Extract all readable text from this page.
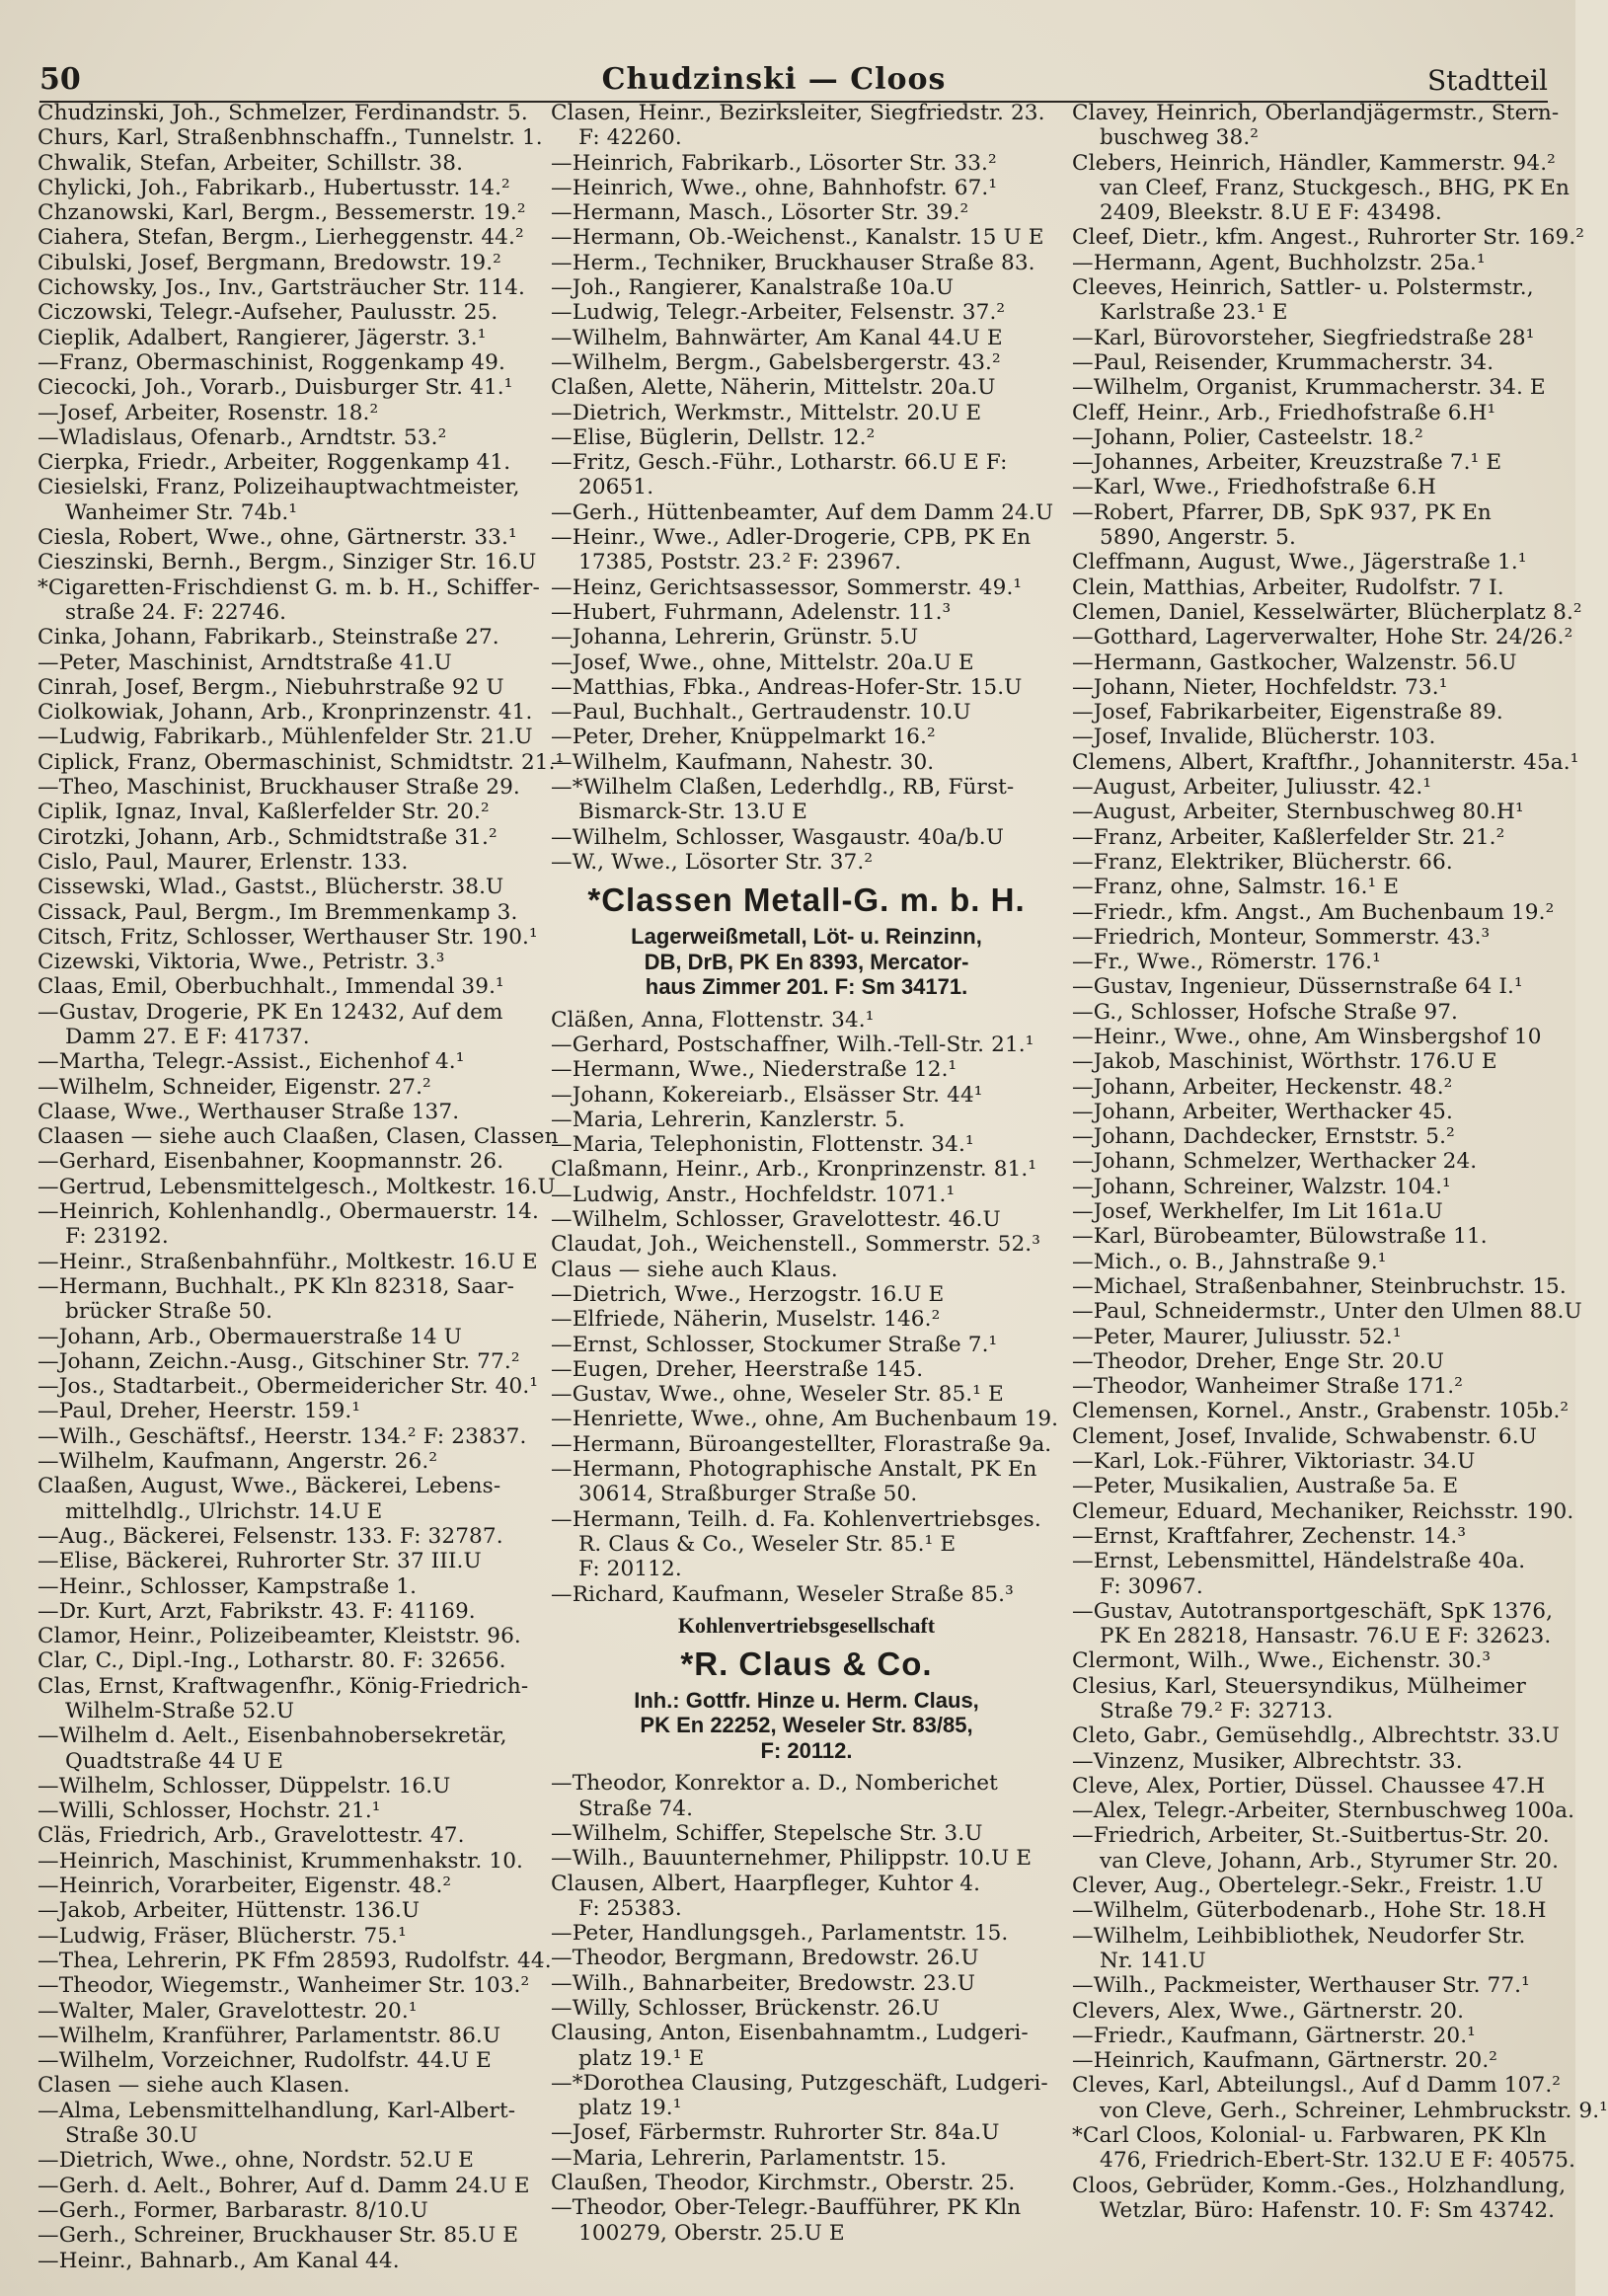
50	Chudzinski — Cloos	Stadtteil
Chudzinski, Joh., Schmelzer, Ferdinandstr. 5.
Churs, Karl, Straßenbhnschaffn., Tunnelstr. 1.
Chwalik, Stefan, Arbeiter, Schillstr. 38.
Chylicki, Joh., Fabrikarb., Hubertusstr. 14.²
Chzanowski, Karl, Bergm., Bessemerstr. 19.²
Ciahera, Stefan, Bergm., Lierheggenstr. 44.²
Cibulski, Josef, Bergmann, Bredowstr. 19.²
Cichowsky, Jos., Inv., Gartsträucher Str. 114.
Ciczowski, Telegr.-Aufseher, Paulusstr. 25.
Cieplik, Adalbert, Rangierer, Jägerstr. 3.¹
—Franz, Obermaschinist, Roggenkamp 49.
Ciecocki, Joh., Vorarb., Duisburger Str. 41.¹
—Josef, Arbeiter, Rosenstr. 18.²
—Wladislaus, Ofenarb., Arndtstr. 53.²
Cierpka, Friedr., Arbeiter, Roggenkamp 41.
Ciesielski, Franz, Polizeihauptwachtmeister,
Wanheimer Str. 74b.¹
Ciesla, Robert, Wwe., ohne, Gärtnerstr. 33.¹
Cieszinski, Bernh., Bergm., Sinziger Str. 16.U
*Cigaretten-Frischdienst G. m. b. H., Schiffer-
straße 24. F: 22746.
Cinka, Johann, Fabrikarb., Steinstraße 27.
—Peter, Maschinist, Arndtstraße 41.U
Cinrah, Josef, Bergm., Niebuhrstraße 92 U
Ciolkowiak, Johann, Arb., Kronprinzenstr. 41.
—Ludwig, Fabrikarb., Mühlenfelder Str. 21.U
Ciplick, Franz, Obermaschinist, Schmidtstr. 21.¹
—Theo, Maschinist, Bruckhauser Straße 29.
Ciplik, Ignaz, Inval, Kaßlerfelder Str. 20.²
Cirotzki, Johann, Arb., Schmidtstraße 31.²
Cislo, Paul, Maurer, Erlenstr. 133.
Cissewski, Wlad., Gastst., Blücherstr. 38.U
Cissack, Paul, Bergm., Im Bremmenkamp 3.
Citsch, Fritz, Schlosser, Werthauser Str. 190.¹
Cizewski, Viktoria, Wwe., Petristr. 3.³
Claas, Emil, Oberbuchhalt., Immendal 39.¹
—Gustav, Drogerie, PK En 12432, Auf dem
Damm 27. E F: 41737.
—Martha, Telegr.-Assist., Eichenhof 4.¹
—Wilhelm, Schneider, Eigenstr. 27.²
Claase, Wwe., Werthauser Straße 137.
Claasen — siehe auch Claaßen, Clasen, Classen
—Gerhard, Eisenbahner, Koopmannstr. 26.
—Gertrud, Lebensmittelgesch., Moltkestr. 16.U
—Heinrich, Kohlenhandlg., Obermauerstr. 14.
F: 23192.
—Heinr., Straßenbahnführ., Moltkestr. 16.U E
—Hermann, Buchhalt., PK Kln 82318, Saar-
brücker Straße 50.
—Johann, Arb., Obermauerstraße 14 U
—Johann, Zeichn.-Ausg., Gitschiner Str. 77.²
—Jos., Stadtarbeit., Obermeidericher Str. 40.¹
—Paul, Dreher, Heerstr. 159.¹
—Wilh., Geschäftsf., Heerstr. 134.² F: 23837.
—Wilhelm, Kaufmann, Angerstr. 26.²
Claaßen, August, Wwe., Bäckerei, Lebens-
mittelhdlg., Ulrichstr. 14.U E
—Aug., Bäckerei, Felsenstr. 133. F: 32787.
—Elise, Bäckerei, Ruhrorter Str. 37 III.U
—Heinr., Schlosser, Kampstraße 1.
—Dr. Kurt, Arzt, Fabrikstr. 43. F: 41169.
Clamor, Heinr., Polizeibeamter, Kleiststr. 96.
Clar, C., Dipl.-Ing., Lotharstr. 80. F: 32656.
Clas, Ernst, Kraftwagenfhr., König-Friedrich-
Wilhelm-Straße 52.U
—Wilhelm d. Aelt., Eisenbahnobersekretär,
Quadtstraße 44 U E
—Wilhelm, Schlosser, Düppelstr. 16.U
—Willi, Schlosser, Hochstr. 21.¹
Cläs, Friedrich, Arb., Gravelottestr. 47.
—Heinrich, Maschinist, Krummenhakstr. 10.
—Heinrich, Vorarbeiter, Eigenstr. 48.²
—Jakob, Arbeiter, Hüttenstr. 136.U
—Ludwig, Fräser, Blücherstr. 75.¹
—Thea, Lehrerin, PK Ffm 28593, Rudolfstr. 44.
—Theodor, Wiegemstr., Wanheimer Str. 103.²
—Walter, Maler, Gravelottestr. 20.¹
—Wilhelm, Kranführer, Parlamentstr. 86.U
—Wilhelm, Vorzeichner, Rudolfstr. 44.U E
Clasen — siehe auch Klasen.
—Alma, Lebensmittelhandlung, Karl-Albert-
Straße 30.U
—Dietrich, Wwe., ohne, Nordstr. 52.U E
—Gerh. d. Aelt., Bohrer, Auf d. Damm 24.U E
—Gerh., Former, Barbarastr. 8/10.U
—Gerh., Schreiner, Bruckhauser Str. 85.U E
—Heinr., Bahnarb., Am Kanal 44.
Clasen, Heinr., Bezirksleiter, Siegfriedstr. 23.
F: 42260.
—Heinrich, Fabrikarb., Lösorter Str. 33.²
—Heinrich, Wwe., ohne, Bahnhofstr. 67.¹
—Hermann, Masch., Lösorter Str. 39.²
—Hermann, Ob.-Weichenst., Kanalstr. 15 U E
—Herm., Techniker, Bruckhauser Straße 83.
—Joh., Rangierer, Kanalstraße 10a.U
—Ludwig, Telegr.-Arbeiter, Felsenstr. 37.²
—Wilhelm, Bahnwärter, Am Kanal 44.U E
—Wilhelm, Bergm., Gabelsbergerstr. 43.²
Claßen, Alette, Näherin, Mittelstr. 20a.U
—Dietrich, Werkmstr., Mittelstr. 20.U E
—Elise, Büglerin, Dellstr. 12.²
—Fritz, Gesch.-Führ., Lotharstr. 66.U E F:
20651.
—Gerh., Hüttenbeamter, Auf dem Damm 24.U
—Heinr., Wwe., Adler-Drogerie, CPB, PK En
17385, Poststr. 23.² F: 23967.
—Heinz, Gerichtsassessor, Sommerstr. 49.¹
—Hubert, Fuhrmann, Adelenstr. 11.³
—Johanna, Lehrerin, Grünstr. 5.U
—Josef, Wwe., ohne, Mittelstr. 20a.U E
—Matthias, Fbka., Andreas-Hofer-Str. 15.U
—Paul, Buchhalt., Gertraudenstr. 10.U
—Peter, Dreher, Knüppelmarkt 16.²
—Wilhelm, Kaufmann, Nahestr. 30.
—*Wilhelm Claßen, Lederhdlg., RB, Fürst-
Bismarck-Str. 13.U E
—Wilhelm, Schlosser, Wasgaustr. 40a/b.U
—W., Wwe., Lösorter Str. 37.²
*Classen Metall-G. m. b. H.
Lagerweißmetall, Löt- u. Reinzinn,
DB, DrB, PK En 8393, Mercator-
haus Zimmer 201. F: Sm 34171.
Cläßen, Anna, Flottenstr. 34.¹
—Gerhard, Postschaffner, Wilh.-Tell-Str. 21.¹
—Hermann, Wwe., Niederstraße 12.¹
—Johann, Kokereiarb., Elsässer Str. 44¹
—Maria, Lehrerin, Kanzlerstr. 5.
—Maria, Telephonistin, Flottenstr. 34.¹
Claßmann, Heinr., Arb., Kronprinzenstr. 81.¹
—Ludwig, Anstr., Hochfeldstr. 1071.¹
—Wilhelm, Schlosser, Gravelottestr. 46.U
Claudat, Joh., Weichenstell., Sommerstr. 52.³
Claus — siehe auch Klaus.
—Dietrich, Wwe., Herzogstr. 16.U E
—Elfriede, Näherin, Muselstr. 146.²
—Ernst, Schlosser, Stockumer Straße 7.¹
—Eugen, Dreher, Heerstraße 145.
—Gustav, Wwe., ohne, Weseler Str. 85.¹ E
—Henriette, Wwe., ohne, Am Buchenbaum 19.
—Hermann, Büroangestellter, Florastraße 9a.
—Hermann, Photographische Anstalt, PK En
30614, Straßburger Straße 50.
—Hermann, Teilh. d. Fa. Kohlenvertriebsges.
R. Claus & Co., Weseler Str. 85.¹ E
F: 20112.
—Richard, Kaufmann, Weseler Straße 85.³
Kohlenvertriebsgesellschaft
*R. Claus & Co.
Inh.: Gottfr. Hinze u. Herm. Claus,
PK En 22252, Weseler Str. 83/85,
F: 20112.
—Theodor, Konrektor a. D., Nomberichet
Straße 74.
—Wilhelm, Schiffer, Stepelsche Str. 3.U
—Wilh., Bauunternehmer, Philippstr. 10.U E
Clausen, Albert, Haarpfleger, Kuhtor 4.
F: 25383.
—Peter, Handlungsgeh., Parlamentstr. 15.
—Theodor, Bergmann, Bredowstr. 26.U
—Wilh., Bahnarbeiter, Bredowstr. 23.U
—Willy, Schlosser, Brückenstr. 26.U
Clausing, Anton, Eisenbahnamtm., Ludgeri-
platz 19.¹ E
—*Dorothea Clausing, Putzgeschäft, Ludgeri-
platz 19.¹
—Josef, Färbermstr. Ruhrorter Str. 84a.U
—Maria, Lehrerin, Parlamentstr. 15.
Claußen, Theodor, Kirchmstr., Oberstr. 25.
—Theodor, Ober-Telegr.-Baufführer, PK Kln
100279, Oberstr. 25.U E
Clavey, Heinrich, Oberlandjägermstr., Stern-
buschweg 38.²
Clebers, Heinrich, Händler, Kammerstr. 94.²
van Cleef, Franz, Stuckgesch., BHG, PK En
2409, Bleekstr. 8.U E F: 43498.
Cleef, Dietr., kfm. Angest., Ruhrorter Str. 169.²
—Hermann, Agent, Buchholzstr. 25a.¹
Cleeves, Heinrich, Sattler- u. Polstermstr.,
Karlstraße 23.¹ E
—Karl, Bürovorsteher, Siegfriedstraße 28¹
—Paul, Reisender, Krummacherstr. 34.
—Wilhelm, Organist, Krummacherstr. 34. E
Cleff, Heinr., Arb., Friedhofstraße 6.H¹
—Johann, Polier, Casteelstr. 18.²
—Johannes, Arbeiter, Kreuzstraße 7.¹ E
—Karl, Wwe., Friedhofstraße 6.H
—Robert, Pfarrer, DB, SpK 937, PK En
5890, Angerstr. 5.
Cleffmann, August, Wwe., Jägerstraße 1.¹
Clein, Matthias, Arbeiter, Rudolfstr. 7 I.
Clemen, Daniel, Kesselwärter, Blücherplatz 8.²
—Gotthard, Lagerverwalter, Hohe Str. 24/26.²
—Hermann, Gastkocher, Walzenstr. 56.U
—Johann, Nieter, Hochfeldstr. 73.¹
—Josef, Fabrikarbeiter, Eigenstraße 89.
—Josef, Invalide, Blücherstr. 103.
Clemens, Albert, Kraftfhr., Johanniterstr. 45a.¹
—August, Arbeiter, Juliusstr. 42.¹
—August, Arbeiter, Sternbuschweg 80.H¹
—Franz, Arbeiter, Kaßlerfelder Str. 21.²
—Franz, Elektriker, Blücherstr. 66.
—Franz, ohne, Salmstr. 16.¹ E
—Friedr., kfm. Angst., Am Buchenbaum 19.²
—Friedrich, Monteur, Sommerstr. 43.³
—Fr., Wwe., Römerstr. 176.¹
—Gustav, Ingenieur, Düssernstraße 64 I.¹
—G., Schlosser, Hofsche Straße 97.
—Heinr., Wwe., ohne, Am Winsbergshof 10
—Jakob, Maschinist, Wörthstr. 176.U E
—Johann, Arbeiter, Heckenstr. 48.²
—Johann, Arbeiter, Werthacker 45.
—Johann, Dachdecker, Ernststr. 5.²
—Johann, Schmelzer, Werthacker 24.
—Johann, Schreiner, Walzstr. 104.¹
—Josef, Werkhelfer, Im Lit 161a.U
—Karl, Bürobeamter, Bülowstraße 11.
—Mich., o. B., Jahnstraße 9.¹
—Michael, Straßenbahner, Steinbruchstr. 15.
—Paul, Schneidermstr., Unter den Ulmen 88.U
—Peter, Maurer, Juliusstr. 52.¹
—Theodor, Dreher, Enge Str. 20.U
—Theodor, Wanheimer Straße 171.²
Clemensen, Kornel., Anstr., Grabenstr. 105b.²
Clement, Josef, Invalide, Schwabenstr. 6.U
—Karl, Lok.-Führer, Viktoriastr. 34.U
—Peter, Musikalien, Austraße 5a. E
Clemeur, Eduard, Mechaniker, Reichsstr. 190.
—Ernst, Kraftfahrer, Zechenstr. 14.³
—Ernst, Lebensmittel, Händelstraße 40a.
F: 30967.
—Gustav, Autotransportgeschäft, SpK 1376,
PK En 28218, Hansastr. 76.U E F: 32623.
Clermont, Wilh., Wwe., Eichenstr. 30.³
Clesius, Karl, Steuersyndikus, Mülheimer
Straße 79.² F: 32713.
Cleto, Gabr., Gemüsehdlg., Albrechtstr. 33.U
—Vinzenz, Musiker, Albrechtstr. 33.
Cleve, Alex, Portier, Düssel. Chaussee 47.H
—Alex, Telegr.-Arbeiter, Sternbuschweg 100a.
—Friedrich, Arbeiter, St.-Suitbertus-Str. 20.
van Cleve, Johann, Arb., Styrumer Str. 20.
Clever, Aug., Obertelegr.-Sekr., Freistr. 1.U
—Wilhelm, Güterbodenarb., Hohe Str. 18.H
—Wilhelm, Leihbibliothek, Neudorfer Str.
Nr. 141.U
—Wilh., Packmeister, Werthauser Str. 77.¹
Clevers, Alex, Wwe., Gärtnerstr. 20.
—Friedr., Kaufmann, Gärtnerstr. 20.¹
—Heinrich, Kaufmann, Gärtnerstr. 20.²
Cleves, Karl, Abteilungsl., Auf d Damm 107.²
von Cleve, Gerh., Schreiner, Lehmbruckstr. 9.¹
*Carl Cloos, Kolonial- u. Farbwaren, PK Kln
476, Friedrich-Ebert-Str. 132.U E F: 40575.
Cloos, Gebrüder, Komm.-Ges., Holzhandlung,
Wetzlar, Büro: Hafenstr. 10. F: Sm 43742.
